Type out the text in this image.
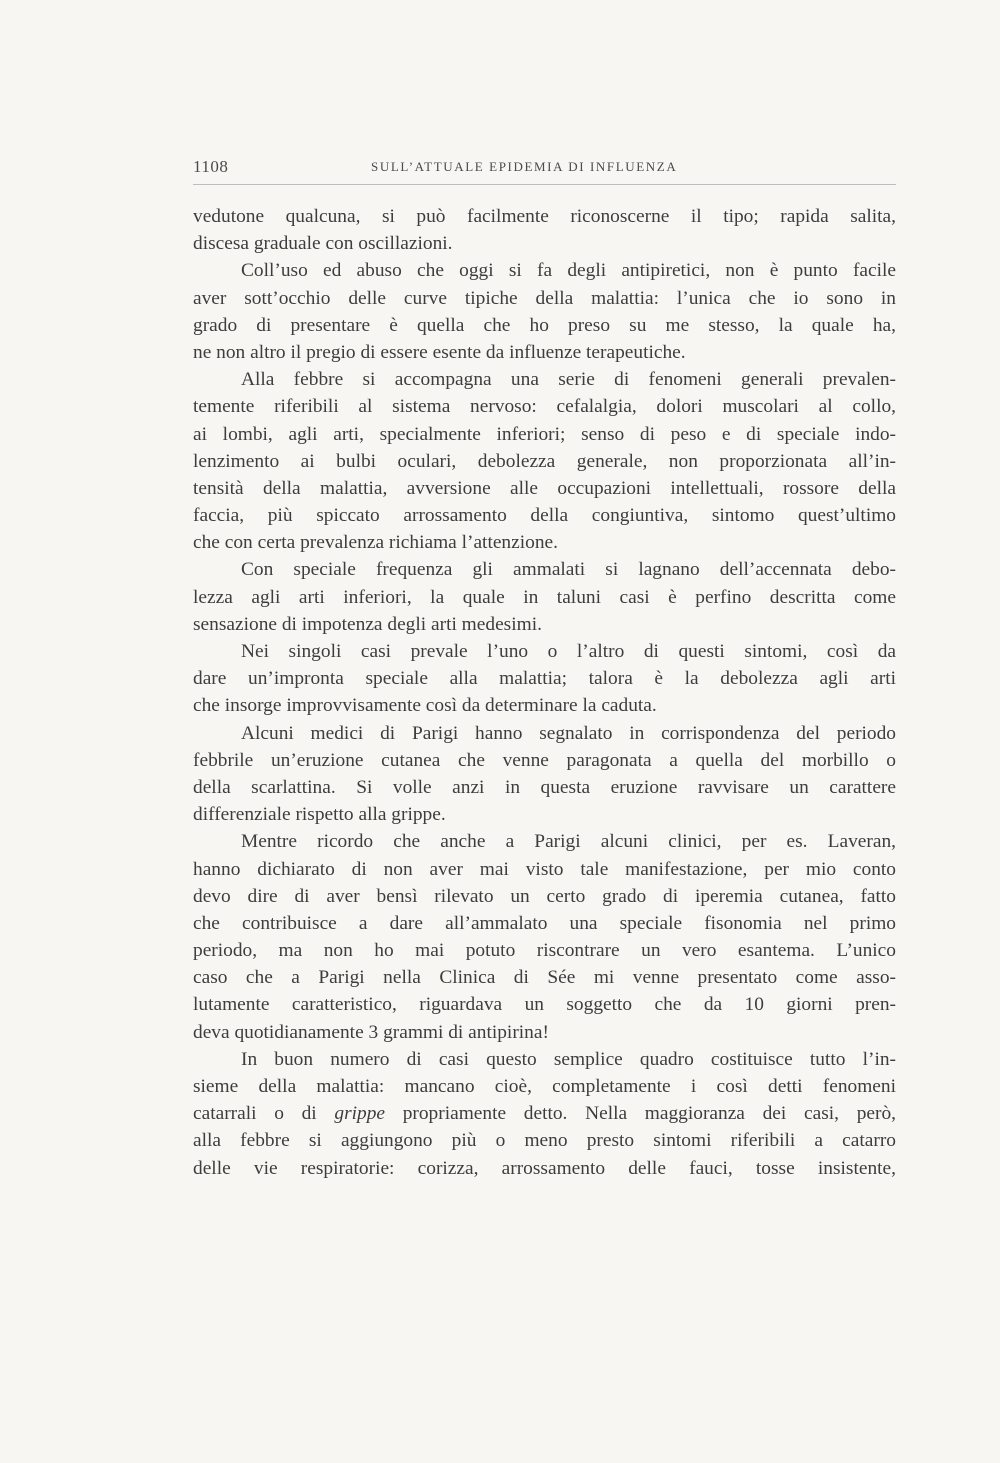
1108	SULL’ATTUALE EPIDEMIA DI INFLUENZA
vedutone qualcuna, si può facilmente riconoscerne il tipo; rapida salita,
discesa graduale con oscillazioni.
Coll’uso ed abuso che oggi si fa degli antipiretici, non è punto facile
aver sott’occhio delle curve tipiche della malattia: l’unica che io sono in
grado di presentare è quella che ho preso su me stesso, la quale ha,
ne non altro il pregio di essere esente da influenze terapeutiche.
Alla febbre si accompagna una serie di fenomeni generali prevalen-
temente riferibili al sistema nervoso: cefalalgia, dolori muscolari al collo,
ai lombi, agli arti, specialmente inferiori; senso di peso e di speciale indo-
lenzimento ai bulbi oculari, debolezza generale, non proporzionata all’in-
tensità della malattia, avversione alle occupazioni intellettuali, rossore della
faccia, più spiccato arrossamento della congiuntiva, sintomo quest’ultimo
che con certa prevalenza richiama l’attenzione.
Con speciale frequenza gli ammalati si lagnano dell’accennata debo-
lezza agli arti inferiori, la quale in taluni casi è perfino descritta come
sensazione di impotenza degli arti medesimi.
Nei singoli casi prevale l’uno o l’altro di questi sintomi, così da
dare un’impronta speciale alla malattia; talora è la debolezza agli arti
che insorge improvvisamente così da determinare la caduta.
Alcuni medici di Parigi hanno segnalato in corrispondenza del periodo
febbrile un’eruzione cutanea che venne paragonata a quella del morbillo o
della scarlattina. Si volle anzi in questa eruzione ravvisare un carattere
differenziale rispetto alla grippe.
Mentre ricordo che anche a Parigi alcuni clinici, per es. Laveran,
hanno dichiarato di non aver mai visto tale manifestazione, per mio conto
devo dire di aver bensì rilevato un certo grado di iperemia cutanea, fatto
che contribuisce a dare all’ammalato una speciale fisonomia nel primo
periodo, ma non ho mai potuto riscontrare un vero esantema. L’unico
caso che a Parigi nella Clinica di Sée mi venne presentato come asso-
lutamente caratteristico, riguardava un soggetto che da 10 giorni pren-
deva quotidianamente 3 grammi di antipirina!
In buon numero di casi questo semplice quadro costituisce tutto l’in-
sieme della malattia: mancano cioè, completamente i così detti fenomeni
catarrali o di grippe propriamente detto. Nella maggioranza dei casi, però,
alla febbre si aggiungono più o meno presto sintomi riferibili a catarro
delle vie respiratorie: corizza, arrossamento delle fauci, tosse insistente,
